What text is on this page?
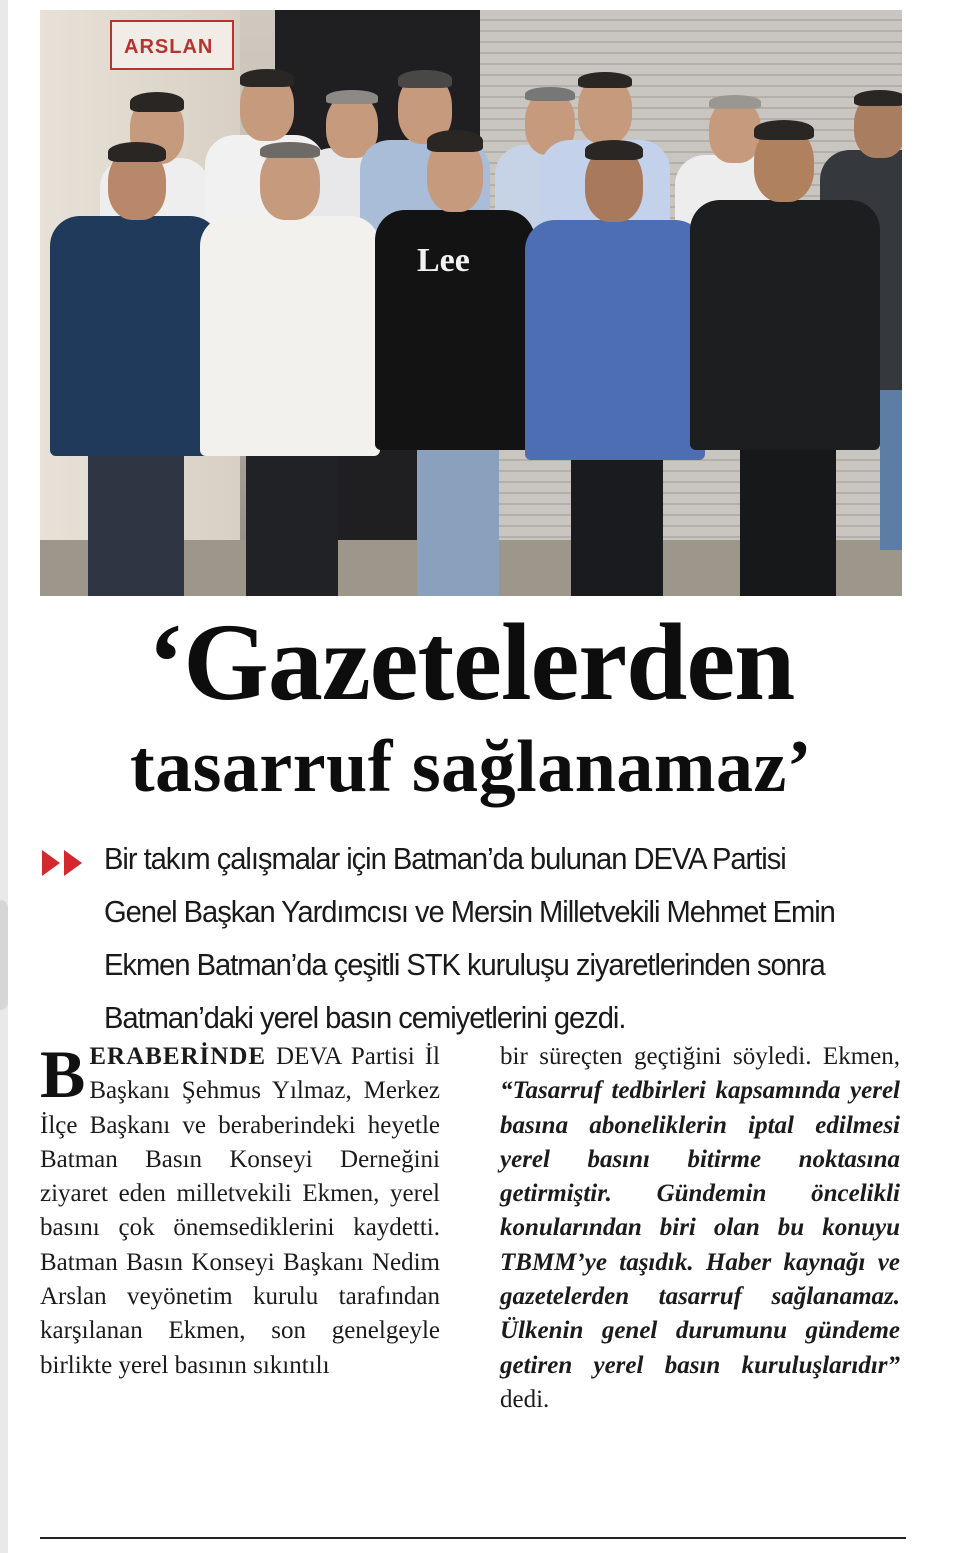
ARSLAN
Lee
‘Gazetelerden
tasarruf sağlanamaz’
Bir takım çalışmalar için Batman’da bulunan DEVA Partisi Genel Başkan Yardımcısı ve Mersin Milletvekili Mehmet Emin Ekmen Batman’da çeşitli STK kuruluşu ziyaretlerinden sonra Batman’daki yerel basın cemiyetlerini gezdi.
BERABERİNDE DEVA Partisi İl Başkanı Şehmus Yılmaz, Merkez İlçe Başkanı ve beraberindeki heyetle Batman Basın Konseyi Derneğini ziyaret eden milletvekili Ekmen, yerel basını çok önemsediklerini kaydetti. Batman Basın Konseyi Başkanı Nedim Arslan veyönetim kurulu tarafından karşılanan Ekmen, son genelgeyle birlikte yerel basının sıkıntılı
bir süreçten geçtiğini söyledi. Ekmen, “Tasarruf tedbirleri kapsamında yerel basına aboneliklerin iptal edilmesi yerel basını bitirme noktasına getirmiştir. Gündemin öncelikli konularından biri olan bu konuyu TBMM’ye taşıdık. Haber kaynağı ve gazetelerden tasarruf sağlanamaz. Ülkenin genel durumunu gündeme getiren yerel basın kuruluşlarıdır” dedi.
